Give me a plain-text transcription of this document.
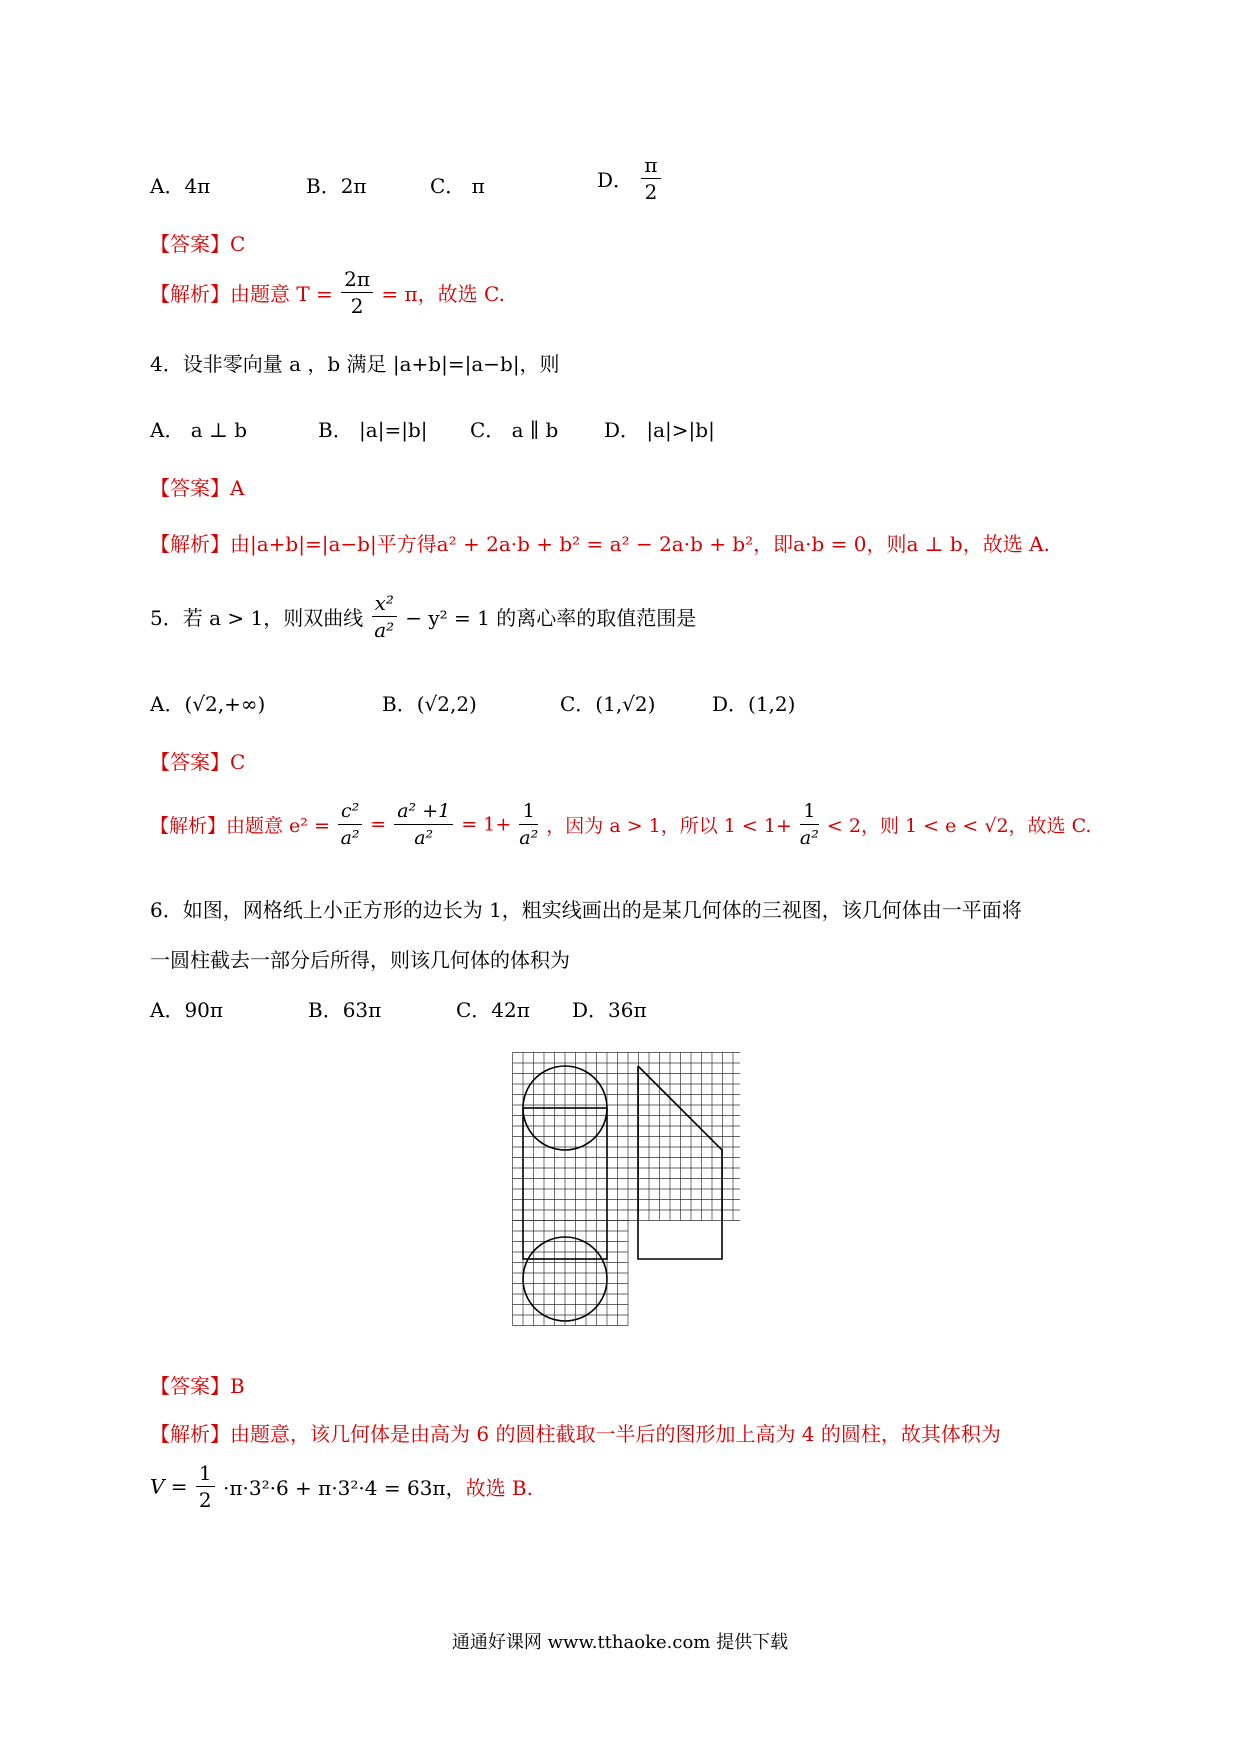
A．4π	B．2π	C． π	D． $\frac{\pi}{2}$
【答案】C
【解析】由题意 $T = \frac{2\pi}{2} = \pi$，故选 C.
4．设非零向量 a ，b 满足 |a+b|=|a−b|，则
A． a ⊥ b	B． |a|=|b| C． a ∥ b D． |a|>|b|
【答案】A
【解析】由|a+b|=|a−b|平方得a² + 2a·b + b² = a² − 2a·b + b²，即a·b = 0，则a ⊥ b，故选 A.
5．若 a > 1，则双曲线 $\frac{\text{x²}}{\text{a²}} - y^2 = 1$ 的离心率的取值范围是
A．(√2,+∞)	B．(√2,2)	C．(1,√2)	D．(1,2)
【答案】C
【解析】由题意 $e^2 = \frac{\text{c²}}{\text{a²}} = \frac{\text{a² +1}}{\text{a²}} = 1+ \frac{1}{\text{a²}}$ ，因为 a > 1，所以 $1 < 1+ \frac{1}{\text{a²}} < 2$，则 1 < e < √2，故选 C.
6．如图，网格纸上小正方形的边长为 1，粗实线画出的是某几何体的三视图，该几何体由一平面将
一圆柱截去一部分后所得，则该几何体的体积为
A．90π	B．63π	C．42π D．36π
【答案】B
【解析】由题意，该几何体是由高为 6 的圆柱截取一半后的图形加上高为 4 的圆柱，故其体积为
$V = \frac{1}{2} \cdot\pi\cdot 3^2\cdot 6 + \pi\cdot 3^2\cdot 4 = 63\pi$，故选 B.
通通好课网 www.tthaoke.com 提供下载
